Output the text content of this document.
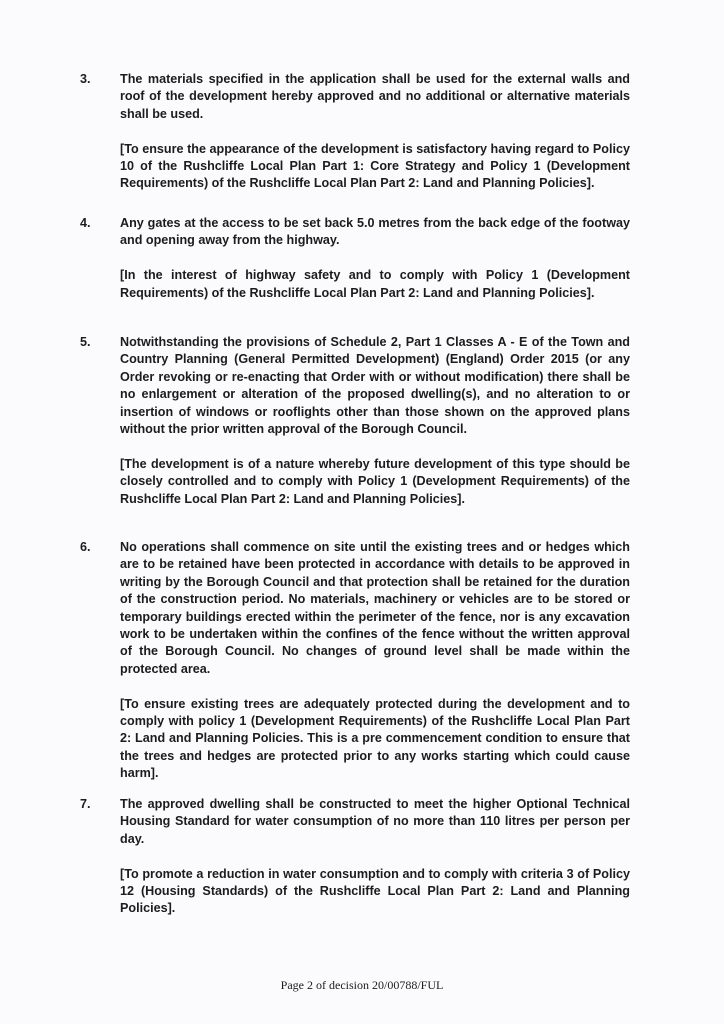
3.	The materials specified in the application shall be used for the external walls and roof of the development hereby approved and no additional or alternative materials shall be used.

[To ensure the appearance of the development is satisfactory having regard to Policy 10 of the Rushcliffe Local Plan Part 1: Core Strategy and Policy 1 (Development Requirements) of the Rushcliffe Local Plan Part 2: Land and Planning Policies].

4.	Any gates at the access to be set back 5.0 metres from the back edge of the footway and opening away from the highway.

[In the interest of highway safety and to comply with Policy 1 (Development Requirements) of the Rushcliffe Local Plan Part 2: Land and Planning Policies].

5.	Notwithstanding the provisions of Schedule 2, Part 1 Classes A - E of the Town and Country Planning (General Permitted Development) (England) Order 2015 (or any Order revoking or re-enacting that Order with or without modification) there shall be no enlargement or alteration of the proposed dwelling(s), and no alteration to or insertion of windows or rooflights other than those shown on the approved plans without the prior written approval of the Borough Council.

[The development is of a nature whereby future development of this type should be closely controlled and to comply with Policy 1 (Development Requirements) of the Rushcliffe Local Plan Part 2: Land and Planning Policies].

6.	No operations shall commence on site until the existing trees and or hedges which are to be retained have been protected in accordance with details to be approved in writing by the Borough Council and that protection shall be retained for the duration of the construction period. No materials, machinery or vehicles are to be stored or temporary buildings erected within the perimeter of the fence, nor is any excavation work to be undertaken within the confines of the fence without the written approval of the Borough Council. No changes of ground level shall be made within the protected area.

[To ensure existing trees are adequately protected during the development and to comply with policy 1 (Development Requirements) of the Rushcliffe Local Plan Part 2: Land and Planning Policies. This is a pre commencement condition to ensure that the trees and hedges are protected prior to any works starting which could cause harm].

7.	The approved dwelling shall be constructed to meet the higher Optional Technical Housing Standard for water consumption of no more than 110 litres per person per day.

[To promote a reduction in water consumption and to comply with criteria 3 of Policy 12 (Housing Standards) of the Rushcliffe Local Plan Part 2: Land and Planning Policies].

Page 2 of decision 20/00788/FUL
